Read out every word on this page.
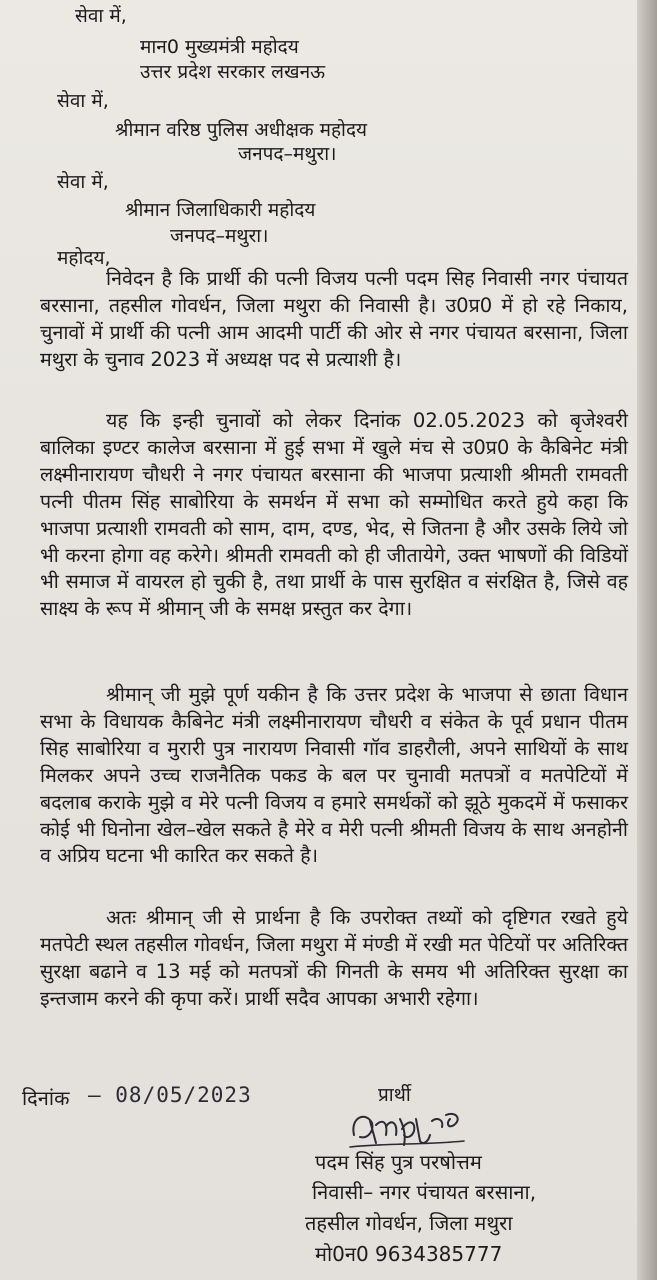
सेवा में,
मान0 मुख्यमंत्री महोदय
उत्तर प्रदेश सरकार लखनऊ
सेवा में,
श्रीमान वरिष्ठ पुलिस अधीक्षक महोदय
जनपद–मथुरा।
सेवा में,
श्रीमान जिलाधिकारी महोदय
जनपद–मथुरा।
महोदय,
निवेदन है कि प्रार्थी की पत्नी विजय पत्नी पदम सिह निवासी नगर पंचायत बरसाना, तहसील गोवर्धन, जिला मथुरा की निवासी है। उ0प्र0 में हो रहे निकाय, चुनावों में प्रार्थी की पत्नी आम आदमी पार्टी की ओर से नगर पंचायत बरसाना, जिला मथुरा के चुनाव 2023 में अध्यक्ष पद से प्रत्याशी है।
यह कि इन्ही चुनावों को लेकर दिनांक 02.05.2023 को बृजेश्वरी बालिका इण्टर कालेज बरसाना में हुई सभा में खुले मंच से उ0प्र0 के कैबिनेट मंत्री लक्ष्मीनारायण चौधरी ने नगर पंचायत बरसाना की भाजपा प्रत्याशी श्रीमती रामवती पत्नी पीतम सिंह साबोरिया के समर्थन में सभा को सम्मोधित करते हुये कहा कि भाजपा प्रत्याशी रामवती को साम, दाम, दण्ड, भेद, से जितना है और उसके लिये जो भी करना होगा वह करेगे। श्रीमती रामवती को ही जीतायेगे, उक्त भाषणों की विडियों भी समाज में वायरल हो चुकी है, तथा प्रार्थी के पास सुरक्षित व संरक्षित है, जिसे वह साक्ष्य के रूप में श्रीमान् जी के समक्ष प्रस्तुत कर देगा।
श्रीमान् जी मुझे पूर्ण यकीन है कि उत्तर प्रदेश के भाजपा से छाता विधान सभा के विधायक कैबिनेट मंत्री लक्ष्मीनारायण चौधरी व संकेत के पूर्व प्रधान पीतम सिह साबोरिया व मुरारी पुत्र नारायण निवासी गॉव डाहरौली, अपने साथियों के साथ मिलकर अपने उच्च राजनैतिक पकड के बल पर चुनावी मतपत्रों व मतपेटियों में बदलाब कराके मुझे व मेरे पत्नी विजय व हमारे समर्थकों को झूठे मुकदमें में फसाकर कोई भी घिनोना खेल–खेल सकते है मेरे व मेरी पत्नी श्रीमती विजय के साथ अनहोनी व अप्रिय घटना भी कारित कर सकते है।
अतः श्रीमान् जी से प्रार्थना है कि उपरोक्त तथ्यों को दृष्टिगत रखते हुये मतपेटी स्थल तहसील गोवर्धन, जिला मथुरा में मंण्डी में रखी मत पेटियों पर अतिरिक्त सुरक्षा बढाने व 13 मई को मतपत्रों की गिनती के समय भी अतिरिक्त सुरक्षा का इन्तजाम करने की कृपा करें। प्रार्थी सदैव आपका अभारी रहेगा।
दिनांक – 08/05/2023	प्रार्थी
पदम सिंह पुत्र परषोत्तम
निवासी– नगर पंचायत बरसाना,
तहसील गोवर्धन, जिला मथुरा
मो0न0 9634385777
